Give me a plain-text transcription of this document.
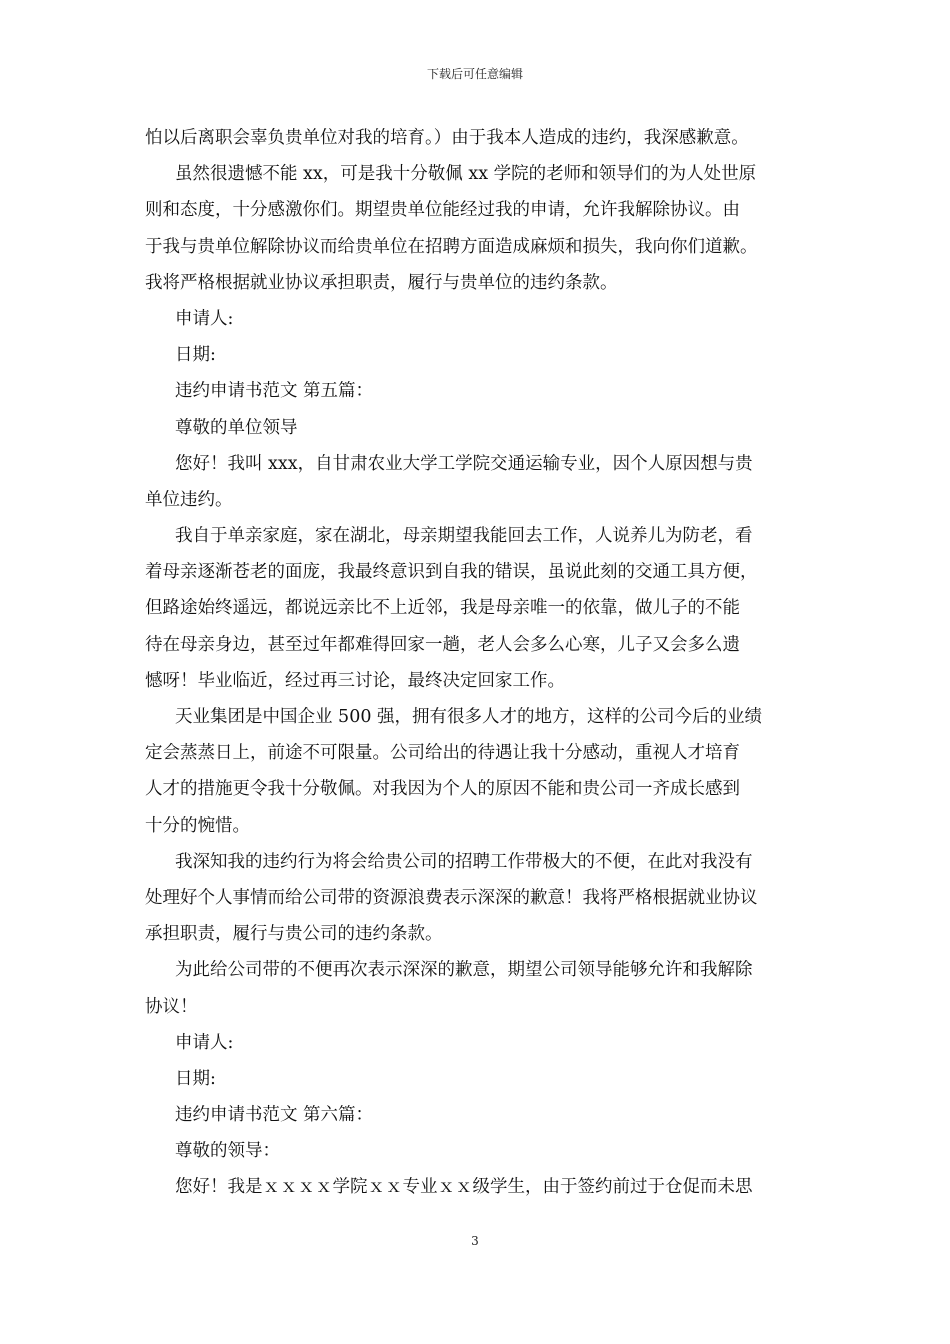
下载后可任意编辑
怕以后离职会辜负贵单位对我的培育。）由于我本人造成的违约，我深感歉意。
虽然很遗憾不能 xx，可是我十分敬佩 xx 学院的老师和领导们的为人处世原
则和态度，十分感激你们。期望贵单位能经过我的申请，允许我解除协议。由
于我与贵单位解除协议而给贵单位在招聘方面造成麻烦和损失，我向你们道歉。
我将严格根据就业协议承担职责，履行与贵单位的违约条款。
申请人:
日期:
违约申请书范文 第五篇：
尊敬的单位领导
您好！我叫 xxx，自甘肃农业大学工学院交通运输专业，因个人原因想与贵
单位违约。
我自于单亲家庭，家在湖北，母亲期望我能回去工作，人说养儿为防老，看
着母亲逐渐苍老的面庞，我最终意识到自我的错误，虽说此刻的交通工具方便，
但路途始终遥远，都说远亲比不上近邻，我是母亲唯一的依靠，做儿子的不能
待在母亲身边，甚至过年都难得回家一趟，老人会多么心寒，儿子又会多么遗
憾呀！毕业临近，经过再三讨论，最终决定回家工作。
天业集团是中国企业 500 强，拥有很多人才的地方，这样的公司今后的业绩
定会蒸蒸日上，前途不可限量。公司给出的待遇让我十分感动，重视人才培育
人才的措施更令我十分敬佩。对我因为个人的原因不能和贵公司一齐成长感到
十分的惋惜。
我深知我的违约行为将会给贵公司的招聘工作带极大的不便，在此对我没有
处理好个人事情而给公司带的资源浪费表示深深的歉意！我将严格根据就业协议
承担职责，履行与贵公司的违约条款。
为此给公司带的不便再次表示深深的歉意，期望公司领导能够允许和我解除
协议！
申请人:
日期:
违约申请书范文 第六篇：
尊敬的领导：
您好！我是ｘｘｘｘ学院ｘｘ专业ｘｘ级学生，由于签约前过于仓促而未思
3
